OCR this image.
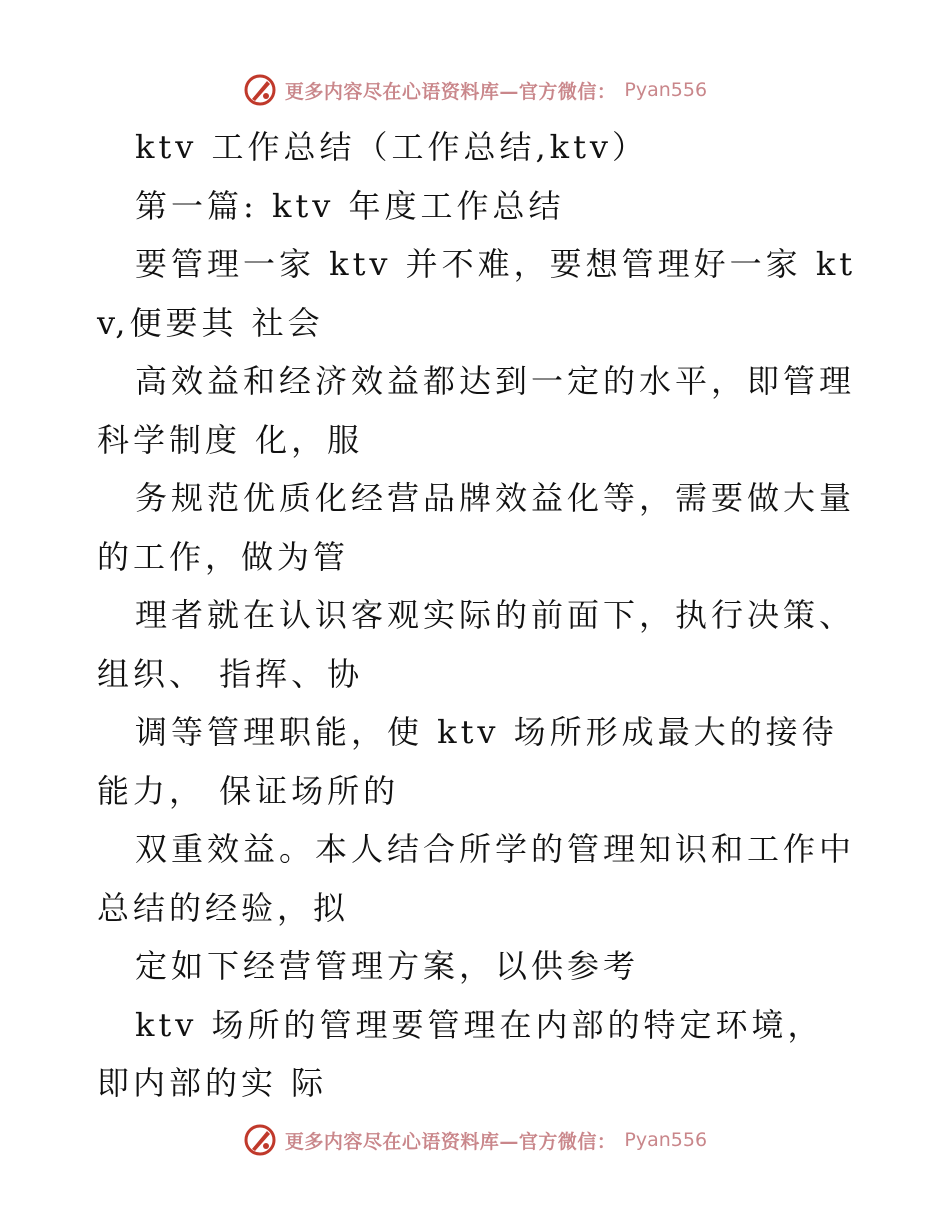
更多内容尽在心语资料库—官方微信： Pyan556

ktv 工作总结（工作总结,ktv）

第一篇: ktv 年度工作总结

要管理一家 ktv 并不难，要想管理好一家 ktv,便要其 社会

高效益和经济效益都达到一定的水平，即管理科学制度 化，服

务规范优质化经营品牌效益化等，需要做大量的工作，做为管

理者就在认识客观实际的前面下，执行决策、组织、 指挥、协

调等管理职能，使 ktv 场所形成最大的接待能力， 保证场所的

双重效益。本人结合所学的管理知识和工作中总结的经验，拟

定如下经营管理方案，以供参考

ktv 场所的管理要管理在内部的特定环境，即内部的实 际

更多内容尽在心语资料库—官方微信： Pyan556
